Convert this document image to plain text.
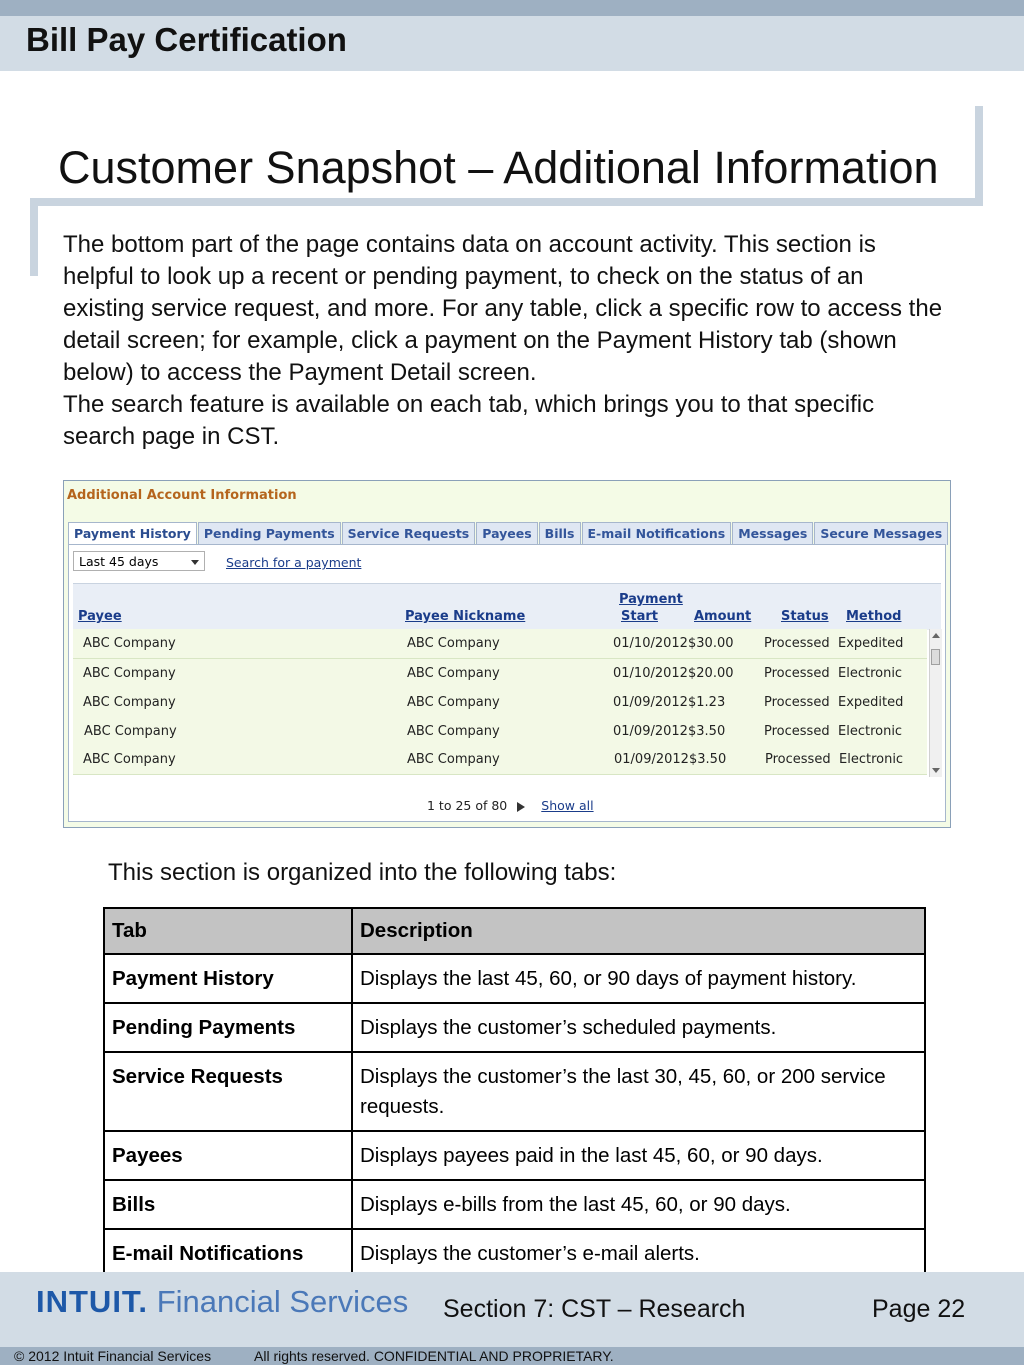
Bill Pay Certification
Customer Snapshot – Additional Information

The bottom part of the page contains data on account activity. This section is helpful to look up a recent or pending payment, to check on the status of an existing service request, and more. For any table, click a specific row to access the detail screen; for example, click a payment on the Payment History tab (shown below) to access the Payment Detail screen.

The search feature is available on each tab, which brings you to that specific search page in CST.

Additional Account Information
Payment History	Pending Payments	Service Requests	Payees	Bills	E-mail Notifications	Messages	Secure Messages
Last 45 days	Search for a payment
Payee	Payee Nickname
Payment
Start	Amount Status Method
ABC Company	ABC Company	01/10/2012 $30.00 Processed Expedited
ABC Company	ABC Company	01/10/2012 $20.00 Processed Electronic
ABC Company	ABC Company	01/09/2012 $1.23	Processed Expedited
ABC Company	ABC Company	01/09/2012 $3.50	Processed Electronic
ABC Company	ABC Company	01/09/2012 $3.50	Processed Electronic
1 to 25 of 80	Show all
This section is organized into the following tabs:
Tab	Description
Payment History	Displays the last 45, 60, or 90 days of payment history.
Pending Payments	Displays the customer’s scheduled payments.
Service Requests	Displays the customer’s the last 30, 45, 60, or 200 service requests.
Payees	Displays payees paid in the last 45, 60, or 90 days.
Bills	Displays e-bills from the last 45, 60, or 90 days.
E-mail Notifications	Displays the customer’s e-mail alerts.
INTUIT. Financial Services Section 7: CST – Research	Page 22
© 2012 Intuit Financial Services	All rights reserved. CONFIDENTIAL AND PROPRIETARY.
